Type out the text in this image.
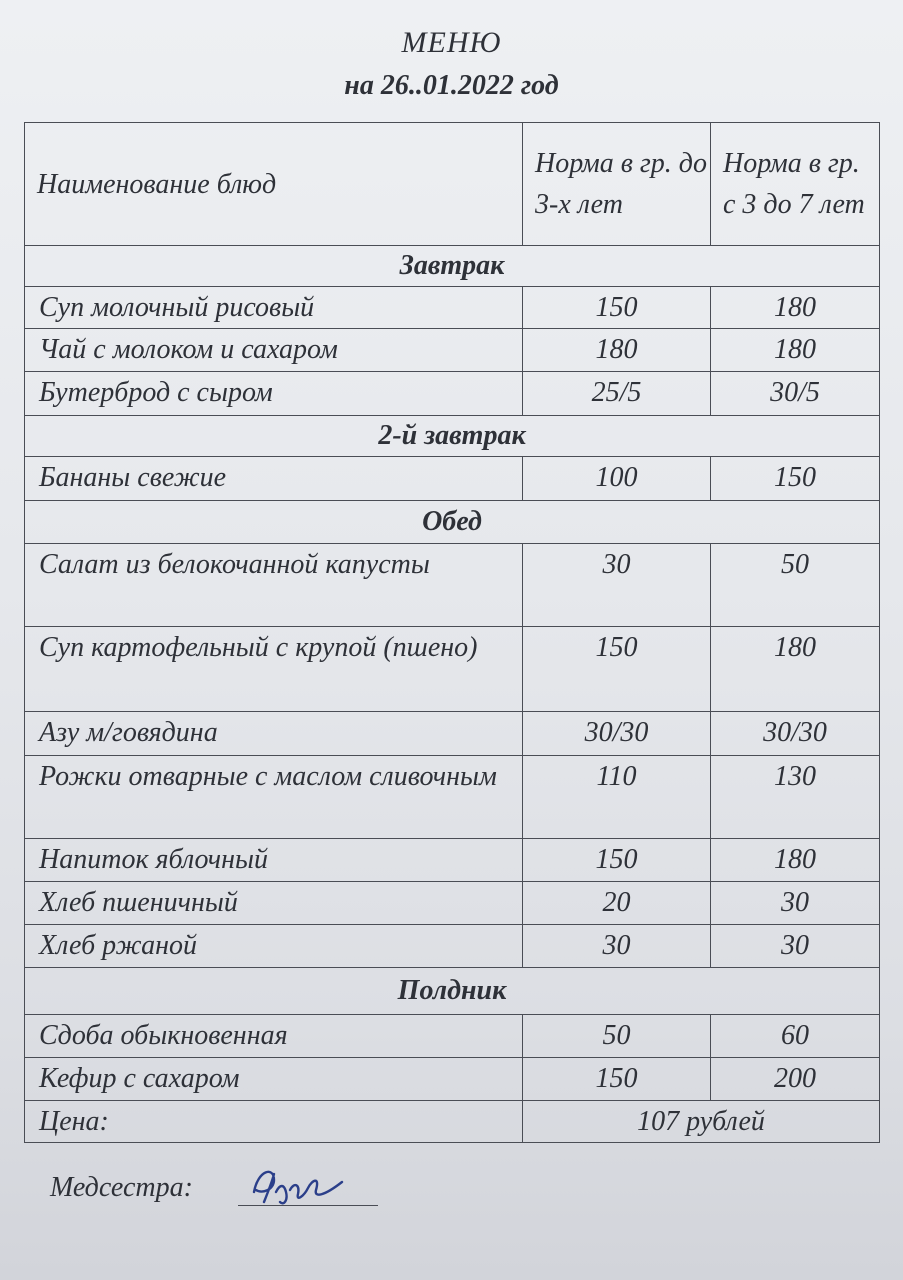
МЕНЮ
на 26..01.2022 год
Наименование блюд	Норма в гр. до 3-х лет	Норма в гр. с 3 до 7 лет
Завтрак		
Суп молочный рисовый	150	180
Чай с молоком и сахаром	180	180
Бутерброд с сыром	25/5	30/5
2-й завтрак		
Бананы свежие	100	150
Обед		
Салат из белокочанной капусты	30	50
Суп картофельный с крупой (пшено)	150	180
Азу м/говядина	30/30	30/30
Рожки отварные с маслом сливочным	110	130
Напиток яблочный	150	180
Хлеб пшеничный	20	30
Хлеб ржаной	30	30
Полдник		
Сдоба обыкновенная	50	60
Кефир с сахаром	150	200
Цена:	107 рублей	
Медсестра:
